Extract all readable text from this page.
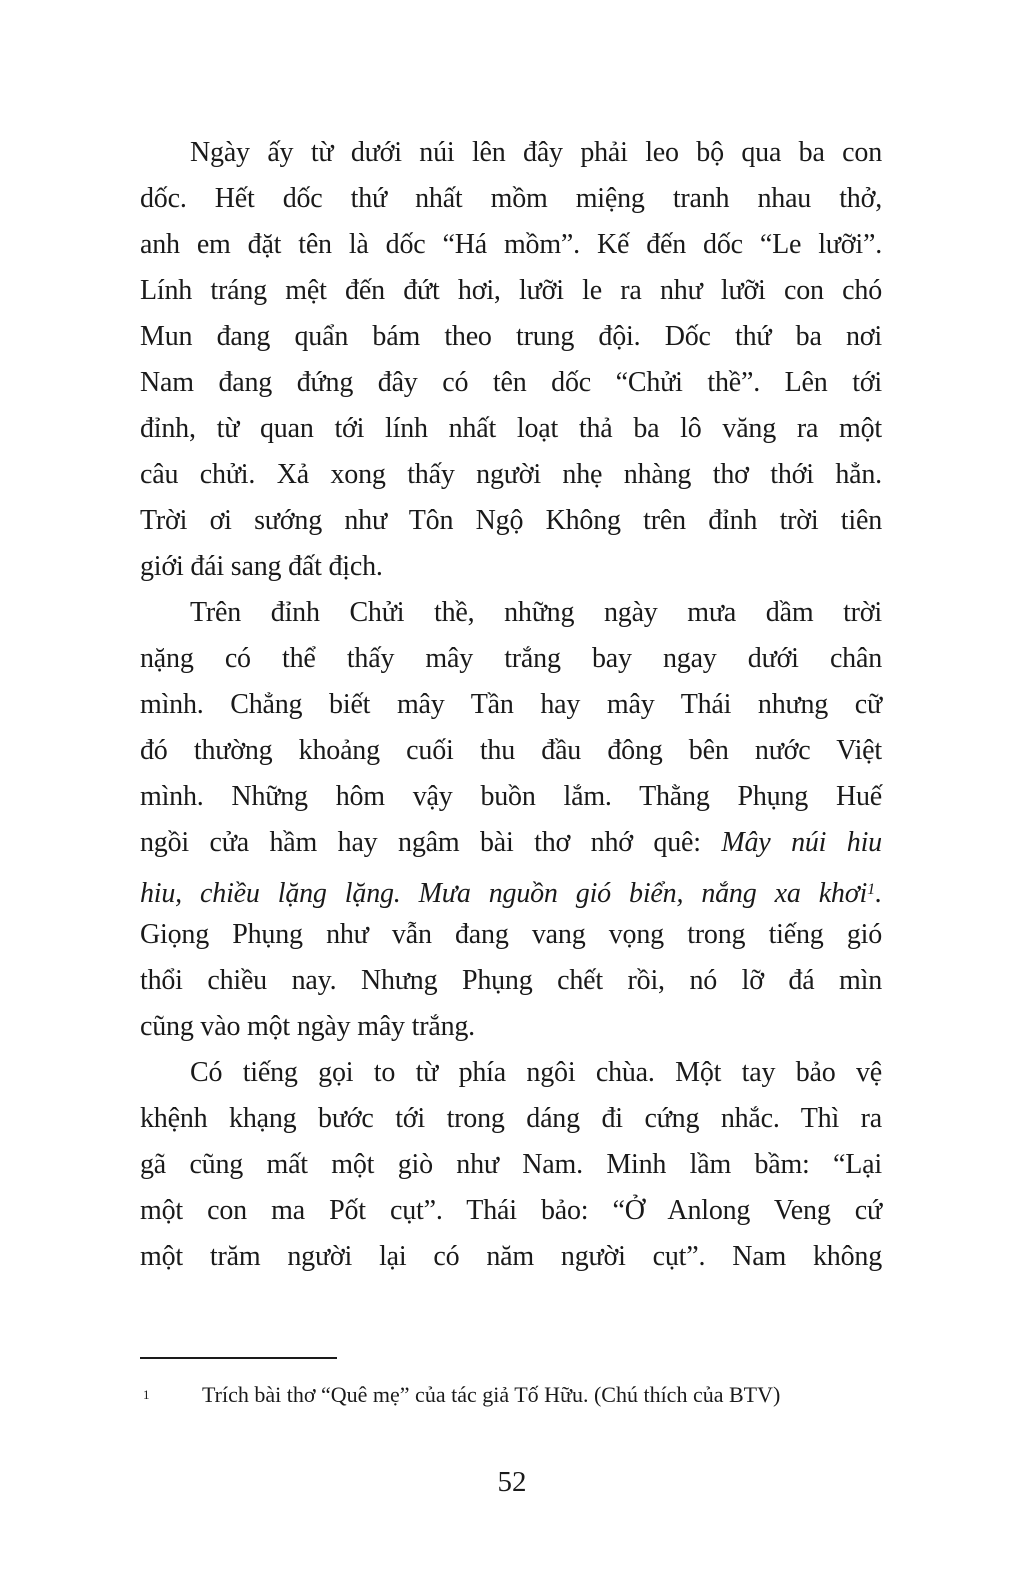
Ngày ấy từ dưới núi lên đây phải leo bộ qua ba con
dốc. Hết dốc thứ nhất mồm miệng tranh nhau thở,
anh em đặt tên là dốc “Há mồm”. Kế đến dốc “Le lưỡi”.
Lính tráng mệt đến đứt hơi, lưỡi le ra như lưỡi con chó
Mun đang quẩn bám theo trung đội. Dốc thứ ba nơi
Nam đang đứng đây có tên dốc “Chửi thề”. Lên tới
đỉnh, từ quan tới lính nhất loạt thả ba lô văng ra một
câu chửi. Xả xong thấy người nhẹ nhàng thơ thới hẳn.
Trời ơi sướng như Tôn Ngộ Không trên đỉnh trời tiên
giới đái sang đất địch.
Trên đỉnh Chửi thề, những ngày mưa dầm trời
nặng có thể thấy mây trắng bay ngay dưới chân
mình. Chẳng biết mây Tần hay mây Thái nhưng cữ
đó thường khoảng cuối thu đầu đông bên nước Việt
mình. Những hôm vậy buồn lắm. Thằng Phụng Huế
ngồi cửa hầm hay ngâm bài thơ nhớ quê: Mây núi hiu
hiu, chiều lặng lặng. Mưa nguồn gió biển, nắng xa khơi$^1$.
Giọng Phụng như vẫn đang vang vọng trong tiếng gió
thổi chiều nay. Nhưng Phụng chết rồi, nó lỡ đá mìn
cũng vào một ngày mây trắng.
Có tiếng gọi to từ phía ngôi chùa. Một tay bảo vệ
khệnh khạng bước tới trong dáng đi cứng nhắc. Thì ra
gã cũng mất một giò như Nam. Minh lầm bầm: “Lại
một con ma Pốt cụt”. Thái bảo: “Ở Anlong Veng cứ
một trăm người lại có năm người cụt”. Nam không
1	Trích bài thơ “Quê mẹ” của tác giả Tố Hữu. (Chú thích của BTV)
52
